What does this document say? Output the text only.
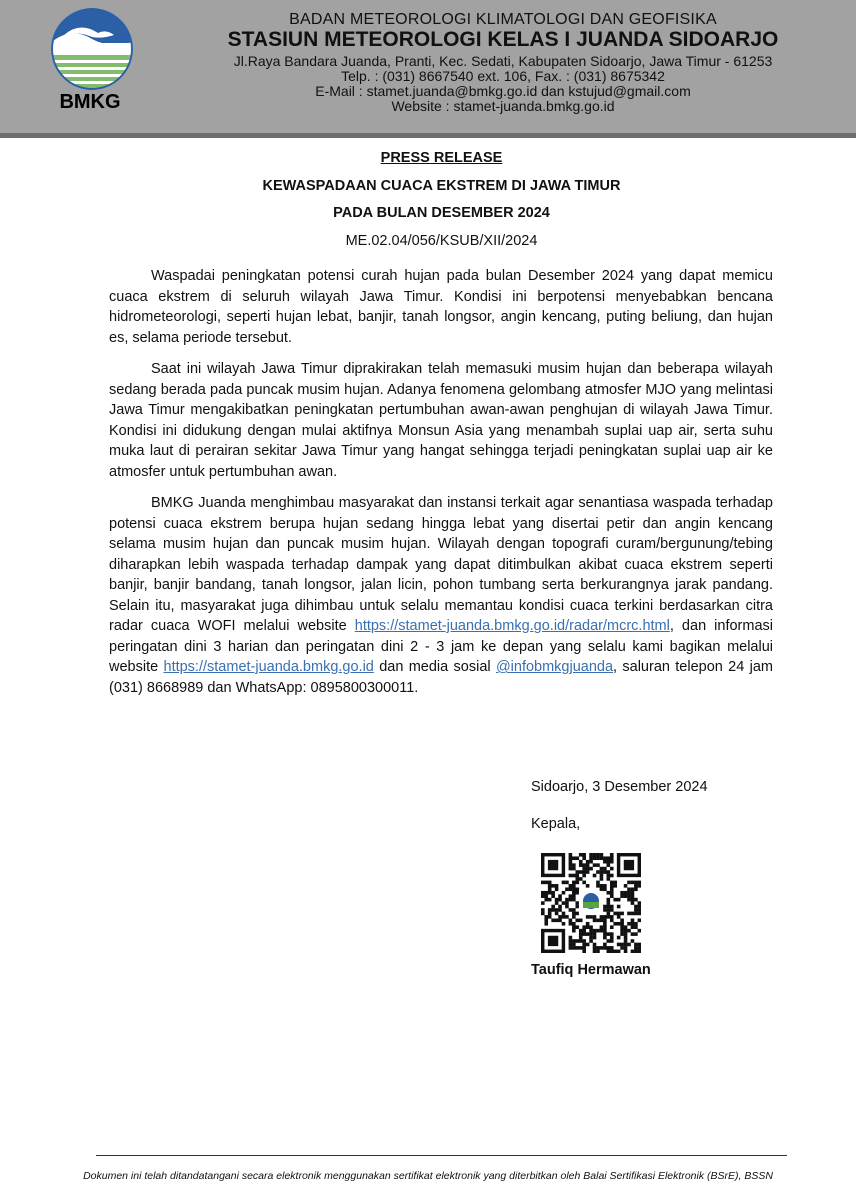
BMKG
BADAN METEOROLOGI KLIMATOLOGI DAN GEOFISIKA
STASIUN METEOROLOGI KELAS I JUANDA SIDOARJO
Jl.Raya Bandara Juanda, Pranti, Kec. Sedati, Kabupaten Sidoarjo, Jawa Timur - 61253
Telp. : (031) 8667540 ext. 106, Fax. : (031) 8675342
E-Mail : stamet.juanda@bmkg.go.id dan kstujud@gmail.com
Website : stamet-juanda.bmkg.go.id
PRESS RELEASE
KEWASPADAAN CUACA EKSTREM DI JAWA TIMUR
PADA BULAN DESEMBER 2024
ME.02.04/056/KSUB/XII/2024

Waspadai peningkatan potensi curah hujan pada bulan Desember 2024 yang dapat memicu cuaca ekstrem di seluruh wilayah Jawa Timur. Kondisi ini berpotensi menyebabkan bencana hidrometeorologi, seperti hujan lebat, banjir, tanah longsor, angin kencang, puting beliung, dan hujan es, selama periode tersebut.

Saat ini wilayah Jawa Timur diprakirakan telah memasuki musim hujan dan beberapa wilayah sedang berada pada puncak musim hujan. Adanya fenomena gelombang atmosfer MJO yang melintasi Jawa Timur mengakibatkan peningkatan pertumbuhan awan-awan penghujan di wilayah Jawa Timur. Kondisi ini didukung dengan mulai aktifnya Monsun Asia yang menambah suplai uap air, serta suhu muka laut di perairan sekitar Jawa Timur yang hangat sehingga terjadi peningkatan suplai uap air ke atmosfer untuk pertumbuhan awan.

BMKG Juanda menghimbau masyarakat dan instansi terkait agar senantiasa waspada terhadap potensi cuaca ekstrem berupa hujan sedang hingga lebat yang disertai petir dan angin kencang selama musim hujan dan puncak musim hujan. Wilayah dengan topografi curam/bergunung/tebing diharapkan lebih waspada terhadap dampak yang dapat ditimbulkan akibat cuaca ekstrem seperti banjir, banjir bandang, tanah longsor, jalan licin, pohon tumbang serta berkurangnya jarak pandang. Selain itu, masyarakat juga dihimbau untuk selalu memantau kondisi cuaca terkini berdasarkan citra radar cuaca WOFI melalui website https://stamet-juanda.bmkg.go.id/radar/mcrc.html, dan informasi peringatan dini 3 harian dan peringatan dini 2 - 3 jam ke depan yang selalu kami bagikan melalui website https://stamet-juanda.bmkg.go.id dan media sosial @infobmkgjuanda, saluran telepon 24 jam (031) 8668989 dan WhatsApp: 0895800300011.

Sidoarjo, 3 Desember 2024
Kepala,
Taufiq Hermawan
Dokumen ini telah ditandatangani secara elektronik menggunakan sertifikat elektronik yang diterbitkan oleh Balai Sertifikasi Elektronik (BSrE), BSSN
